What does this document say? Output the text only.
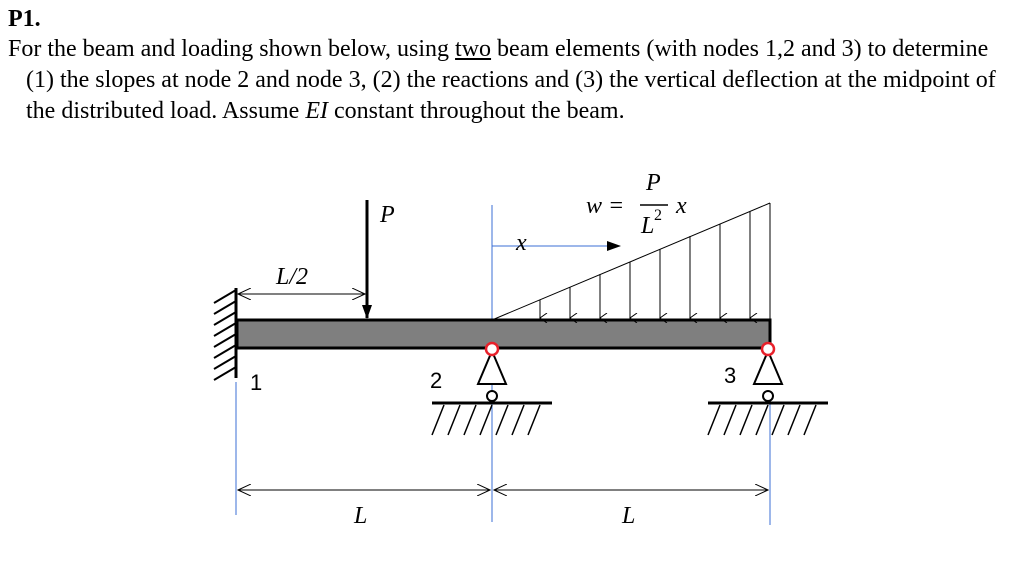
P1.

For the beam and loading shown below, using two beam elements (with nodes 1,2 and 3) to determine (1) the slopes at node 2 and node 3, (2) the reactions and (3) the vertical deflection at the midpoint of the distributed load. Assume EI constant throughout the beam.

P
L/2
x
w =
P
L 2 x
1	2	3
L	L
